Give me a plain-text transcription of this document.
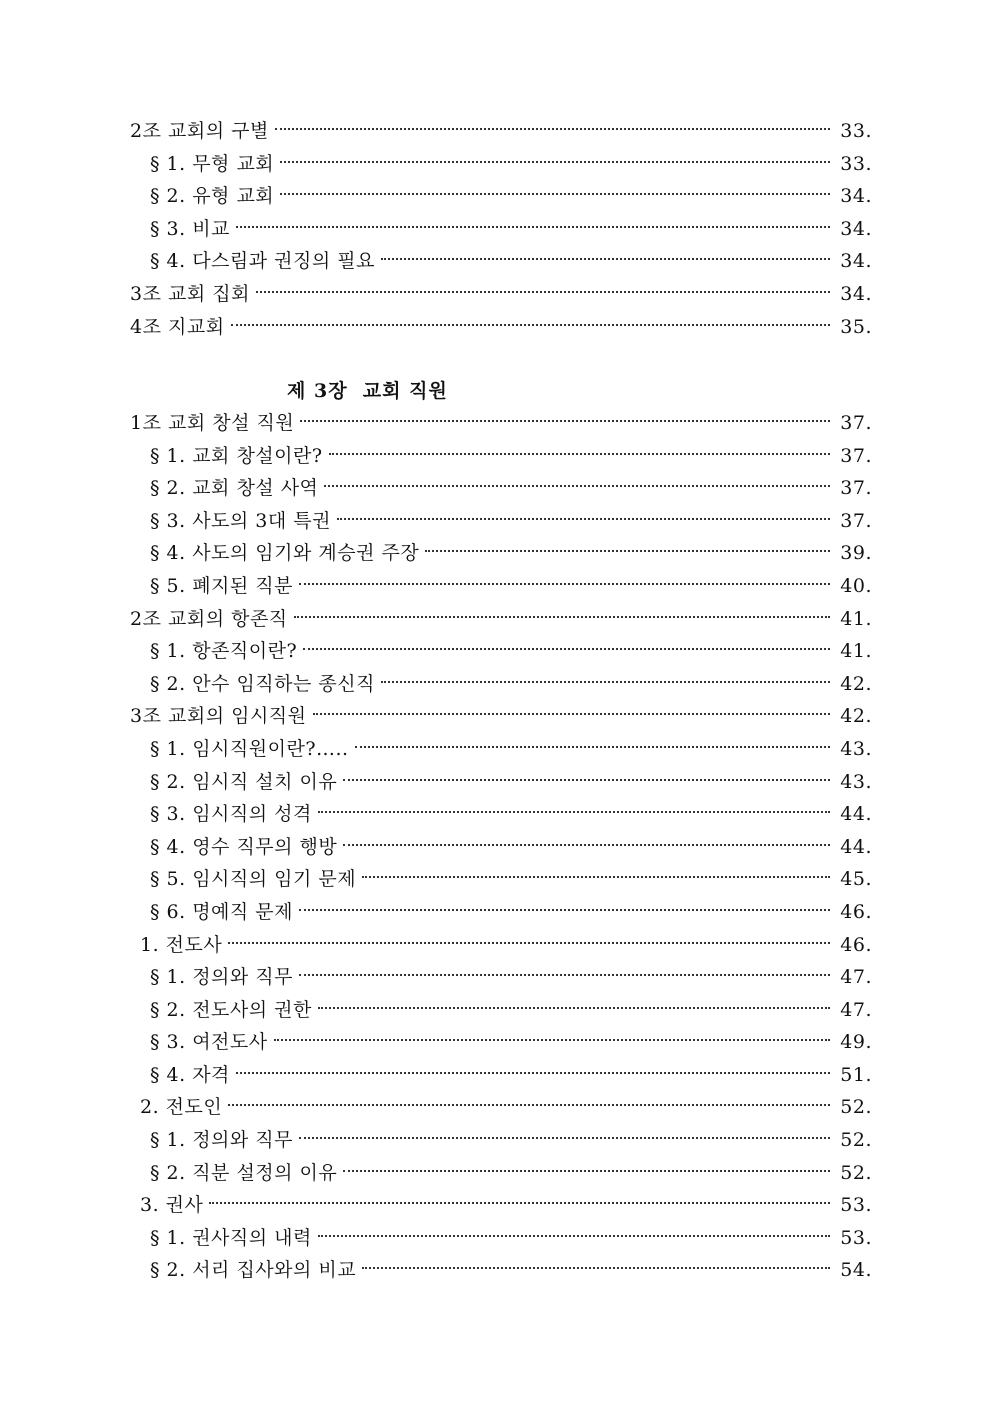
2조 교회의 구별	33.
§ 1. 무형 교회	33.
§ 2. 유형 교회	34.
§ 3. 비교	34.
§ 4. 다스림과 권징의 필요	34.
3조 교회 집회	34.
4조 지교회	35.
제 3장  교회 직원
1조 교회 창설 직원	37.
§ 1. 교회 창설이란?	37.
§ 2. 교회 창설 사역	37.
§ 3. 사도의 3대 특권	37.
§ 4. 사도의 임기와 계승권 주장	39.
§ 5. 폐지된 직분	40.
2조 교회의 항존직	41.
§ 1. 항존직이란?	41.
§ 2. 안수 임직하는 종신직	42.
3조 교회의 임시직원	42.
§ 1. 임시직원이란?…..	43.
§ 2. 임시직 설치 이유	43.
§ 3. 임시직의 성격	44.
§ 4. 영수 직무의 행방	44.
§ 5. 임시직의 임기 문제	45.
§ 6. 명예직 문제	46.
1. 전도사	46.
§ 1. 정의와 직무	47.
§ 2. 전도사의 권한	47.
§ 3. 여전도사	49.
§ 4. 자격	51.
2. 전도인	52.
§ 1. 정의와 직무	52.
§ 2. 직분 설정의 이유	52.
3. 권사	53.
§ 1. 권사직의 내력	53.
§ 2. 서리 집사와의 비교	54.
